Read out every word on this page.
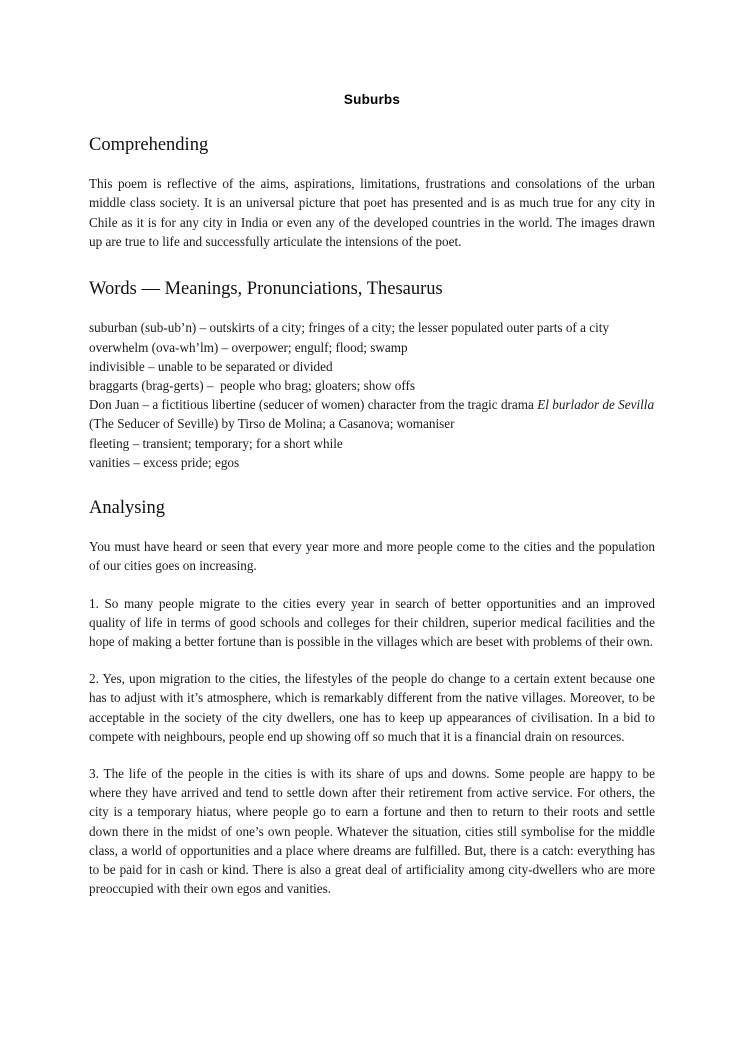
Suburbs
Comprehending

This poem is reflective of the aims, aspirations, limitations, frustrations and consolations of the urban middle class society. It is an universal picture that poet has presented and is as much true for any city in Chile as it is for any city in India or even any of the developed countries in the world. The images drawn up are true to life and successfully articulate the intensions of the poet.

Words — Meanings, Pronunciations, Thesaurus
suburban (sub-ub’n) – outskirts of a city; fringes of a city; the lesser populated outer parts of a city
overwhelm (ova-wh’lm) – overpower; engulf; flood; swamp
indivisible – unable to be separated or divided
braggarts (brag-gerts) –  people who brag; gloaters; show offs
Don Juan – a fictitious libertine (seducer of women) character from the tragic drama El burlador de Sevilla (The Seducer of Seville) by Tirso de Molina; a Casanova; womaniser
fleeting – transient; temporary; for a short while
vanities – excess pride; egos
Analysing

You must have heard or seen that every year more and more people come to the cities and the population of our cities goes on increasing.

1. So many people migrate to the cities every year in search of better opportunities and an improved quality of life in terms of good schools and colleges for their children, superior medical facilities and the hope of making a better fortune than is possible in the villages which are beset with problems of their own.

2. Yes, upon migration to the cities, the lifestyles of the people do change to a certain extent because one has to adjust with it’s atmosphere, which is remarkably different from the native villages. Moreover, to be acceptable in the society of the city dwellers, one has to keep up appearances of civilisation. In a bid to compete with neighbours, people end up showing off so much that it is a financial drain on resources.

3. The life of the people in the cities is with its share of ups and downs. Some people are happy to be where they have arrived and tend to settle down after their retirement from active service. For others, the city is a temporary hiatus, where people go to earn a fortune and then to return to their roots and settle down there in the midst of one’s own people. Whatever the situation, cities still symbolise for the middle class, a world of opportunities and a place where dreams are fulfilled. But, there is a catch: everything has to be paid for in cash or kind. There is also a great deal of artificiality among city-dwellers who are more preoccupied with their own egos and vanities.
